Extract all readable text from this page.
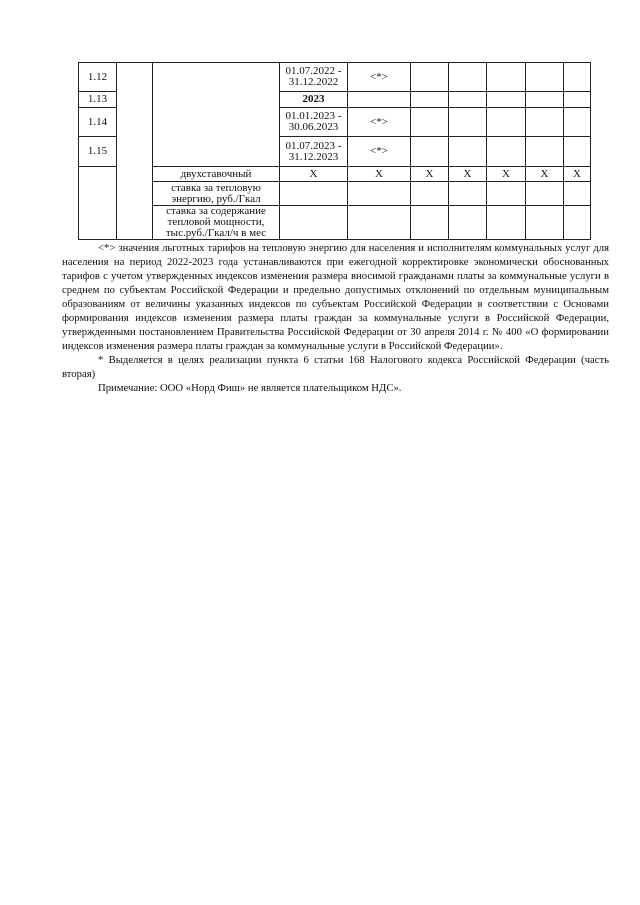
1.12			01.07.2022 - 31.12.2022	<*>					
1.13			2023						
1.14			01.01.2023 - 30.06.2023	<*>					
1.15			01.07.2023 - 31.12.2023	<*>					
		двухставочный	X	X	X	X	X	X	X
		ставка за тепловую энергию, руб./Гкал							
		ставка за содержание тепловой мощности, тыс.руб./Гкал/ч в мес							

<*> значения льготных тарифов на тепловую энергию для населения и исполнителям коммунальных услуг для населения на период 2022-2023 года устанавливаются при ежегодной корректировке экономически обоснованных тарифов с учетом утвержденных индексов изменения размера вносимой гражданами платы за коммунальные услуги в среднем по субъектам Российской Федерации и предельно допустимых отклонений по отдельным муниципальным образованиям от величины указанных индексов по субъектам Российской Федерации в соответствии с Основами формирования индексов изменения размера платы граждан за коммунальные услуги в Российской Федерации, утвержденными постановлением Правительства Российской Федерации от 30 апреля 2014 г. № 400 «О формировании индексов изменения размера платы граждан за коммунальные услуги в Российской Федерации».

* Выделяется в целях реализации пункта 6 статьи 168 Налогового кодекса Российской Федерации (часть вторая)

Примечание: ООО «Норд Фиш» не является плательщиком НДС».
